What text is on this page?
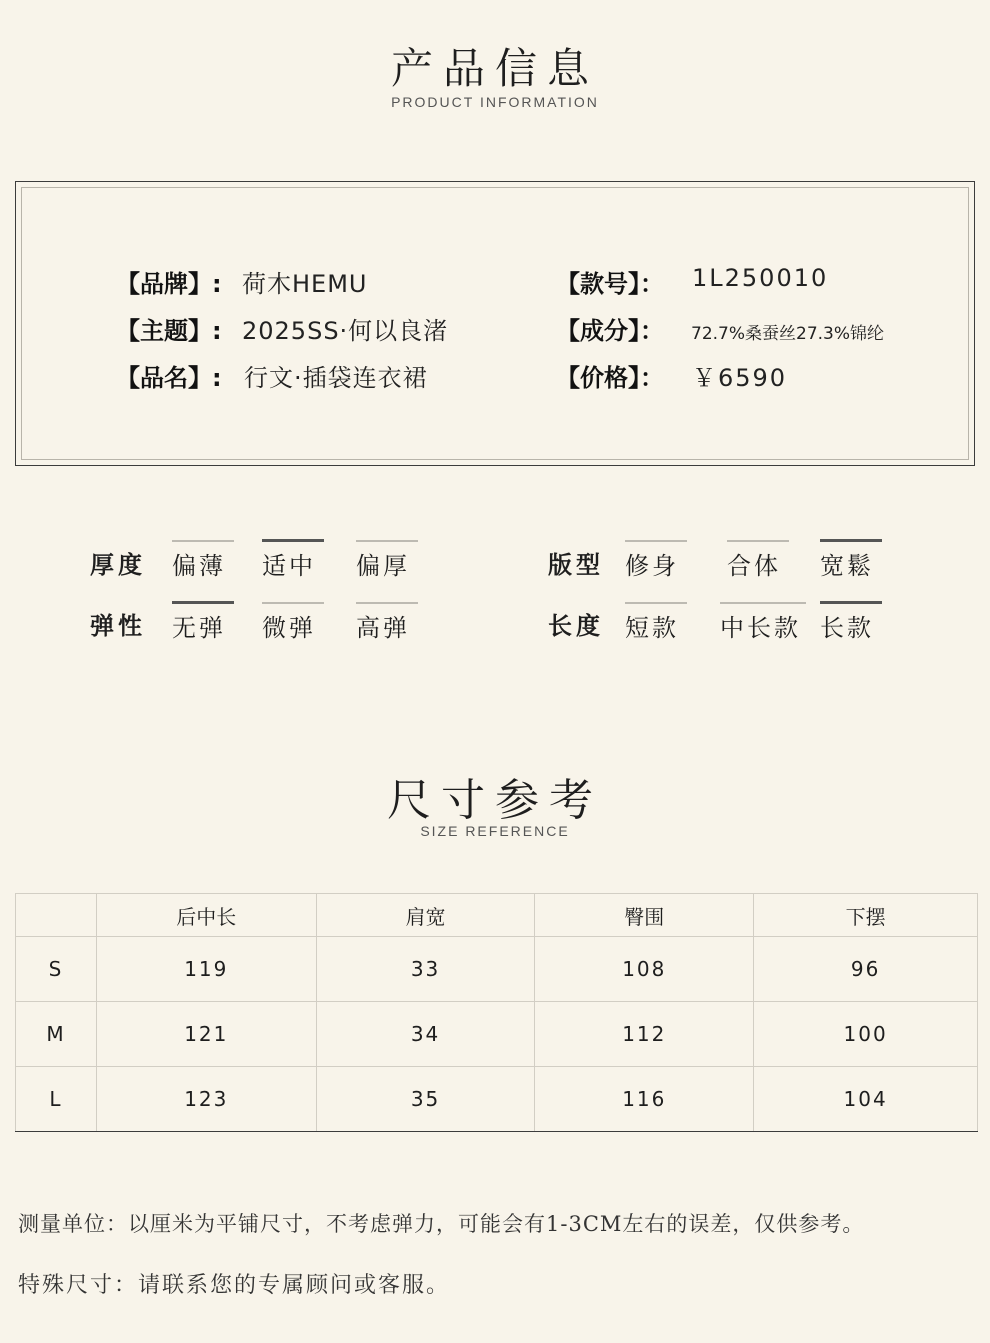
产品信息
PRODUCT INFORMATION
【品牌】: 荷木HEMU	【款号】： 1L250010
【主题】: 2025SS·何以良渚	【成分】： 72.7%桑蚕丝27.3%锦纶
【品名】: 行文·插袋连衣裙	【价格】： ￥6590
厚度 偏薄	适中	偏厚	版型 修身	合体	宽鬆
弹性 无弹	微弹	高弹	长度 短款	中长款 长款
尺寸参考
SIZE REFERENCE
	后中长	肩宽	臀围	下摆
S	119	33	108	96
M	121	34	112	100
L	123	35	116	104
测量单位：以厘米为平铺尺寸，不考虑弹力，可能会有1-3CM左右的误差，仅供参考。
特殊尺寸：请联系您的专属顾问或客服。
